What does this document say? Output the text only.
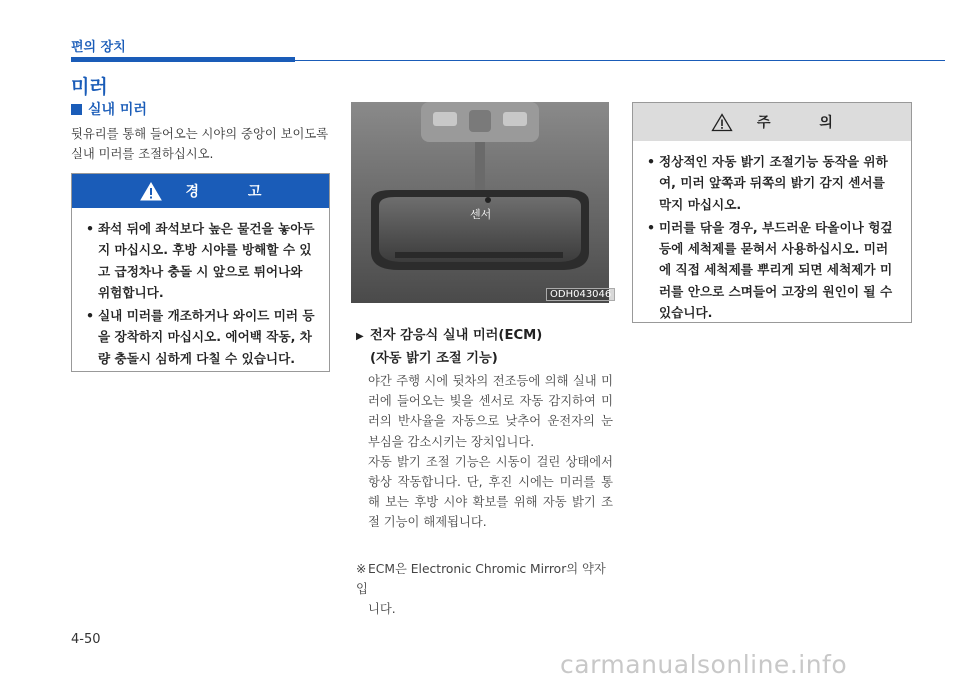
편의 장치
미러
실내 미러
뒷유리를 통해 들어오는 시야의 중앙이 보이도록 실내 미러를 조절하십시오.
경 고
• 좌석 뒤에 좌석보다 높은 물건을 놓아두지 마십시오. 후방 시야를 방해할 수 있고 급정차나 충돌 시 앞으로 튀어나와 위험합니다.
• 실내 미러를 개조하거나 와이드 미러 등을 장착하지 마십시오. 에어백 작동, 차량 충돌시 심하게 다칠 수 있습니다.
센서
ODH043046
▶ 전자 감응식 실내 미러(ECM)
(자동 밝기 조절 기능)

야간 주행 시에 뒷차의 전조등에 의해 실내 미러에 들어오는 빛을 센서로 자동 감지하여 미러의 반사율을 자동으로 낮추어 운전자의 눈부심을 감소시키는 장치입니다.

자동 밝기 조절 기능은 시동이 걸린 상태에서 항상 작동합니다. 단, 후진 시에는 미러를 통해 보는 후방 시야 확보를 위해 자동 밝기 조절 기능이 해제됩니다.

※ ECM은 Electronic Chromic Mirror의 약자입
니다.
주 의
• 정상적인 자동 밝기 조절기능 동작을 위하여, 미러 앞쪽과 뒤쪽의 밝기 감지 센서를 막지 마십시오.
• 미러를 닦을 경우, 부드러운 타올이나 헝겊 등에 세척제를 묻혀서 사용하십시오. 미러에 직접 세척제를 뿌리게 되면 세척제가 미러를 안으로 스며들어 고장의 원인이 될 수 있습니다.
4-50
carmanualsonline.info
